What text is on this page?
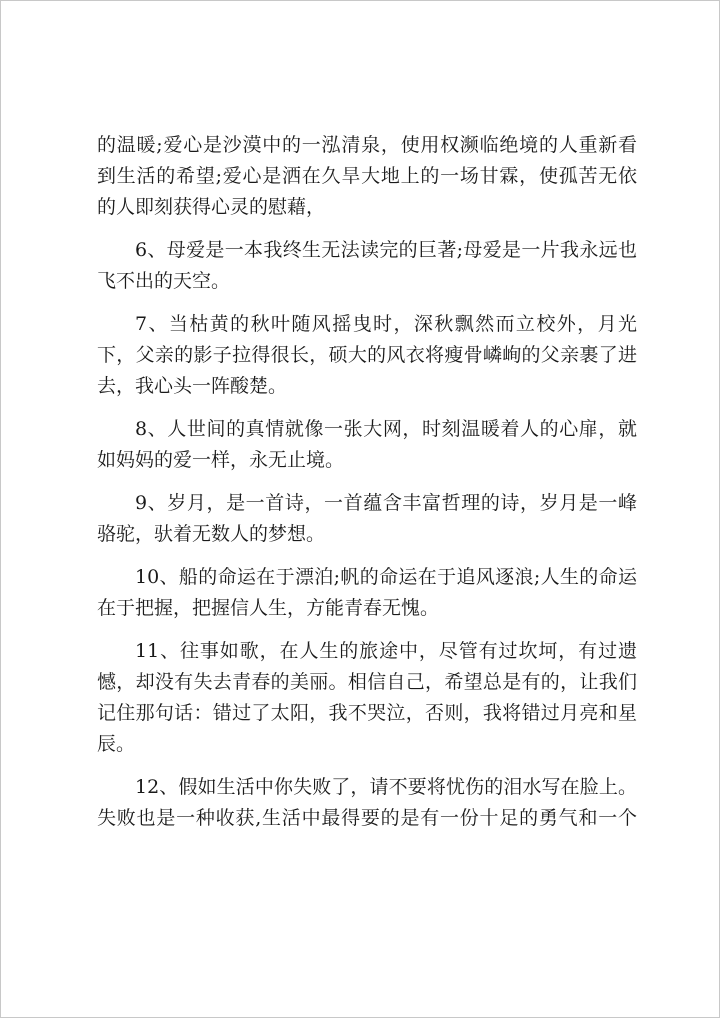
的温暖;爱心是沙漠中的一泓清泉，使用权濒临绝境的人重新看
到生活的希望;爱心是洒在久旱大地上的一场甘霖，使孤苦无依
的人即刻获得心灵的慰藉，

6、母爱是一本我终生无法读完的巨著;母爱是一片我永远也
飞不出的天空。

7、当枯黄的秋叶随风摇曳时，深秋飘然而立校外，月光
下，父亲的影子拉得很长，硕大的风衣将瘦骨嶙峋的父亲裹了进
去，我心头一阵酸楚。

8、人世间的真情就像一张大网，时刻温暖着人的心扉，就
如妈妈的爱一样，永无止境。

9、岁月，是一首诗，一首蕴含丰富哲理的诗，岁月是一峰
骆驼，驮着无数人的梦想。

10、船的命运在于漂泊;帆的命运在于追风逐浪;人生的命运
在于把握，把握信人生，方能青春无愧。

11、往事如歌，在人生的旅途中，尽管有过坎坷，有过遗
憾，却没有失去青春的美丽。相信自己，希望总是有的，让我们
记住那句话：错过了太阳，我不哭泣，否则，我将错过月亮和星
辰。

12、假如生活中你失败了，请不要将忧伤的泪水写在脸上。
失败也是一种收获,生活中最得要的是有一份十足的勇气和一个
